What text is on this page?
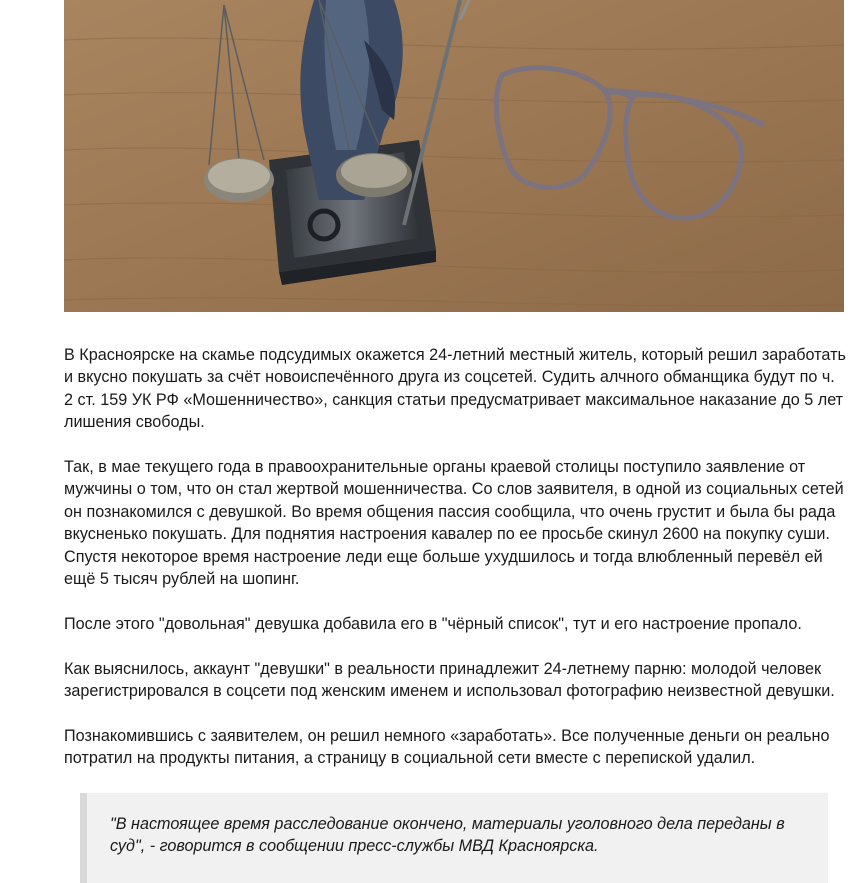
В Красноярске на скамье подсудимых окажется 24-летний местный житель, который решил заработать и вкусно покушать за счёт новоиспечённого друга из соцсетей. Судить алчного обманщика будут по ч. 2 ст. 159 УК РФ «Мошенничество», санкция статьи предусматривает максимальное наказание до 5 лет лишения свободы.

Так, в мае текущего года в правоохранительные органы краевой столицы поступило заявление от мужчины о том, что он стал жертвой мошенничества. Со слов заявителя, в одной из социальных сетей он познакомился с девушкой. Во время общения пассия сообщила, что очень грустит и была бы рада вкусненько покушать. Для поднятия настроения кавалер по ее просьбе скинул 2600 на покупку суши. Спустя некоторое время настроение леди еще больше ухудшилось и тогда влюбленный перевёл ей ещё 5 тысяч рублей на шопинг.

После этого "довольная" девушка добавила его в "чёрный список", тут и его настроение пропало.

Как выяснилось, аккаунт "девушки" в реальности принадлежит 24-летнему парню: молодой человек зарегистрировался в соцсети под женским именем и использовал фотографию неизвестной девушки.

Познакомившись с заявителем, он решил немного «заработать». Все полученные деньги он реально потратил на продукты питания, а страницу в социальной сети вместе с перепиской удалил.

"В настоящее время расследование окончено, материалы уголовного дела переданы в суд", - говорится в сообщении пресс-службы МВД Красноярска.
